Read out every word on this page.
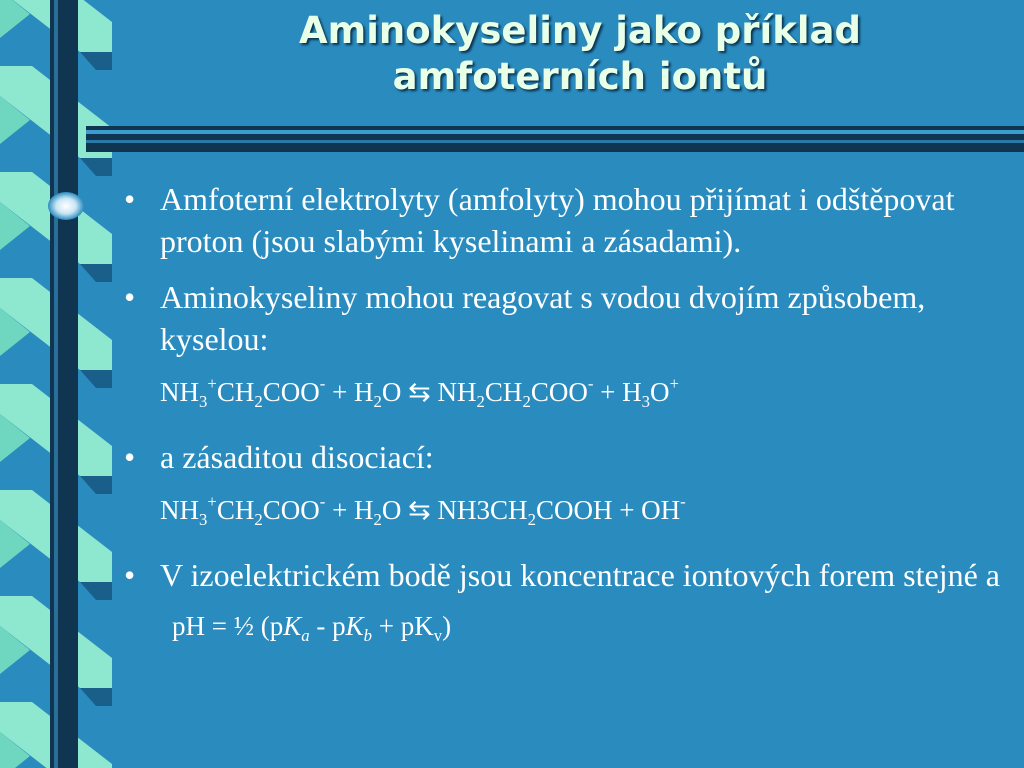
Aminokyseliny jako příklad
amfoterních iontů
• Amfoterní elektrolyty (amfolyty) mohou přijímat i odštěpovat proton (jsou slabými kyselinami a zásadami).
• Aminokyseliny mohou reagovat s vodou dvojím způsobem, kyselou:
$NH_3^+CH_2COO^- + H_2O$ ⇆ $NH_2CH_2COO^- + H_3O^+$
• a zásaditou disociací:
$NH_3^+CH_2COO^- + H_2O$ ⇆ $NH3CH_2COOH + OH^-$
• V izoelektrickém bodě jsou koncentrace iontových forem stejné a
pH = ½ $(pK_a - pK_b + pK_v)$
